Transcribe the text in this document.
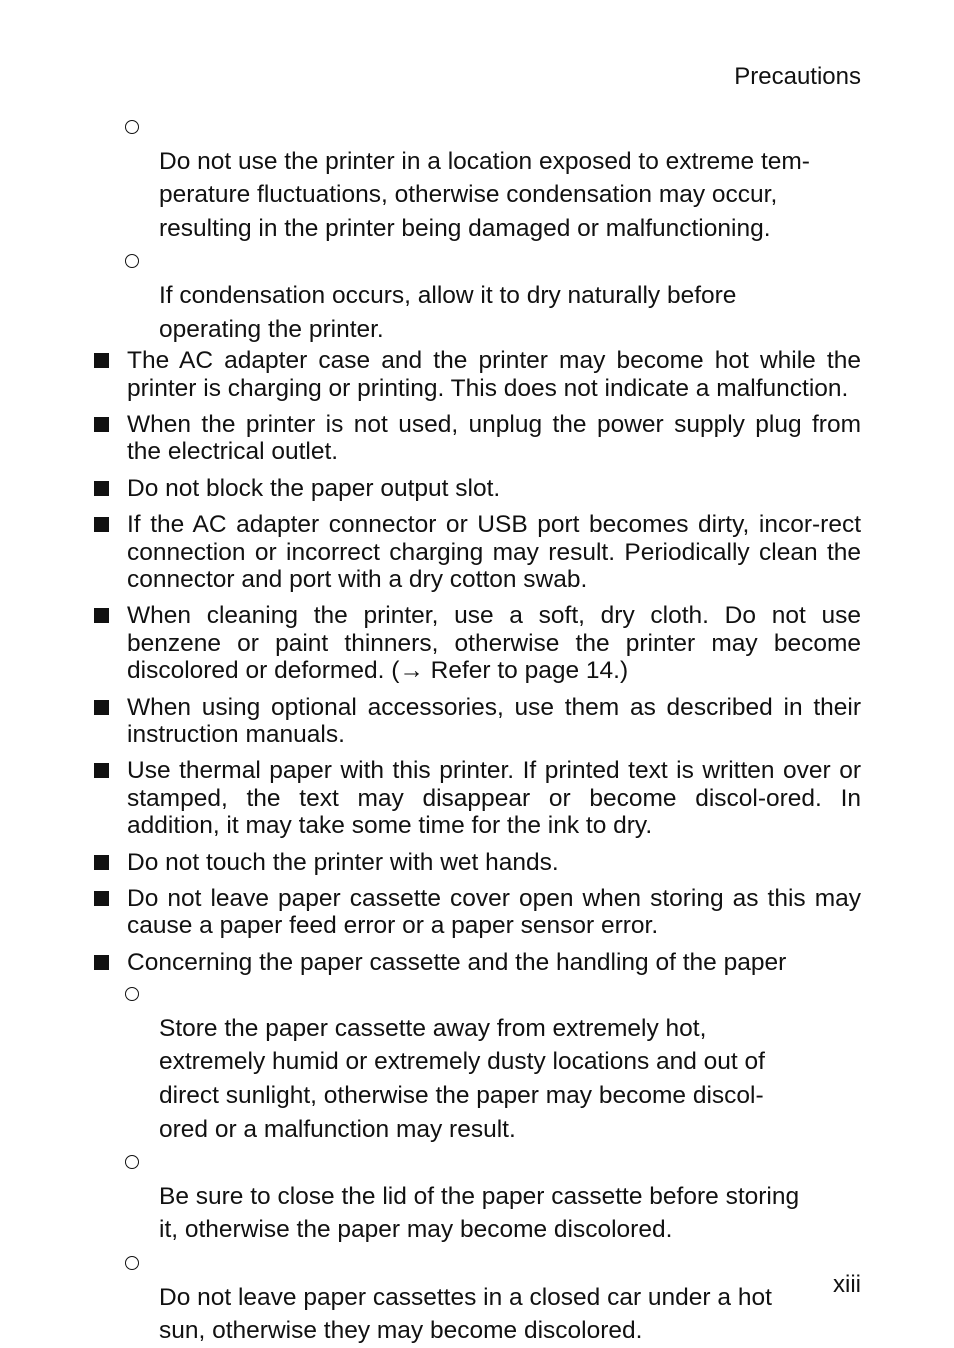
Precautions

Do not use the printer in a location exposed to extreme tem-
perature fluctuations, otherwise condensation may occur,
resulting in the printer being damaged or malfunctioning.

If condensation occurs, allow it to dry naturally before
operating the printer.

The AC adapter case and the printer may become hot while the printer is charging or printing. This does not indicate a malfunction.
When the printer is not used, unplug the power supply plug from the electrical outlet.
Do not block the paper output slot.
If the AC adapter connector or USB port becomes dirty, incor-rect connection or incorrect charging may result. Periodically clean the connector and port with a dry cotton swab.
When cleaning the printer, use a soft, dry cloth. Do not use benzene or paint thinners, otherwise the printer may become discolored or deformed. (→ Refer to page 14.)
When using optional accessories, use them as described in their instruction manuals.
Use thermal paper with this printer. If printed text is written over or stamped, the text may disappear or become discol-ored. In addition, it may take some time for the ink to dry.
Do not touch the printer with wet hands.
Do not leave paper cassette cover open when storing as this may cause a paper feed error or a paper sensor error.
Concerning the paper cassette and the handling of the paper

Store the paper cassette away from extremely hot,
extremely humid or extremely dusty locations and out of
direct sunlight, otherwise the paper may become discol-
ored or a malfunction may result.

Be sure to close the lid of the paper cassette before storing
it, otherwise the paper may become discolored.

Do not leave paper cassettes in a closed car under a hot
sun, otherwise they may become discolored.

xiii
